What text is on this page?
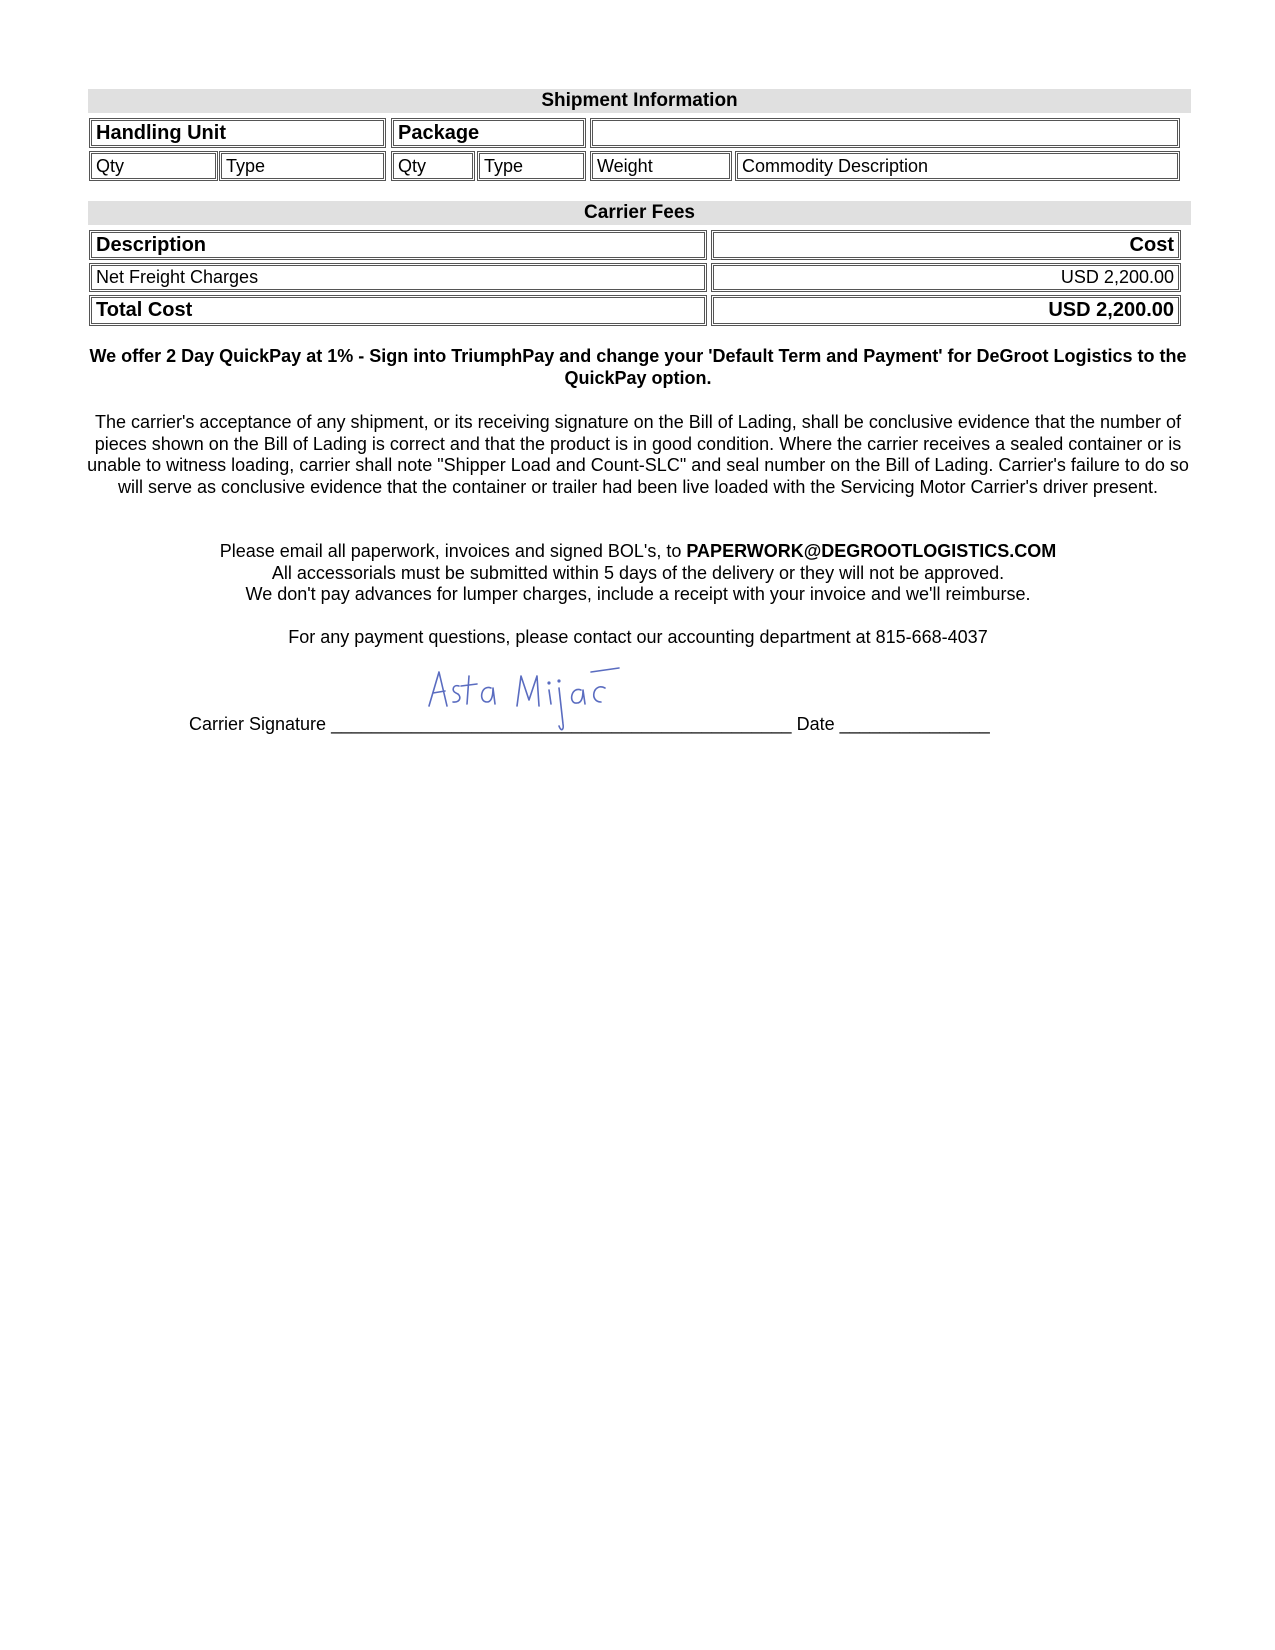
Shipment Information
Handling Unit	Package
Qty	Type	Qty	Type	Weight	Commodity Description
Carrier Fees
Description	Cost
Net Freight Charges	USD 2,200.00
Total Cost	USD 2,200.00
We offer 2 Day QuickPay at 1% - Sign into TriumphPay and change your 'Default Term and Payment' for DeGroot Logistics to the QuickPay option.
The carrier's acceptance of any shipment, or its receiving signature on the Bill of Lading, shall be conclusive evidence that the number of pieces shown on the Bill of Lading is correct and that the product is in good condition. Where the carrier receives a sealed container or is unable to witness loading, carrier shall note "Shipper Load and Count-SLC" and seal number on the Bill of Lading. Carrier's failure to do so will serve as conclusive evidence that the container or trailer had been live loaded with the Servicing Motor Carrier's driver present.
Please email all paperwork, invoices and signed BOL's, to PAPERWORK@DEGROOTLOGISTICS.COM
All accessorials must be submitted within 5 days of the delivery or they will not be approved.
We don't pay advances for lumper charges, include a receipt with your invoice and we'll reimburse.
For any payment questions, please contact our accounting department at 815-668-4037
Carrier Signature ______________________________________________ Date _______________
